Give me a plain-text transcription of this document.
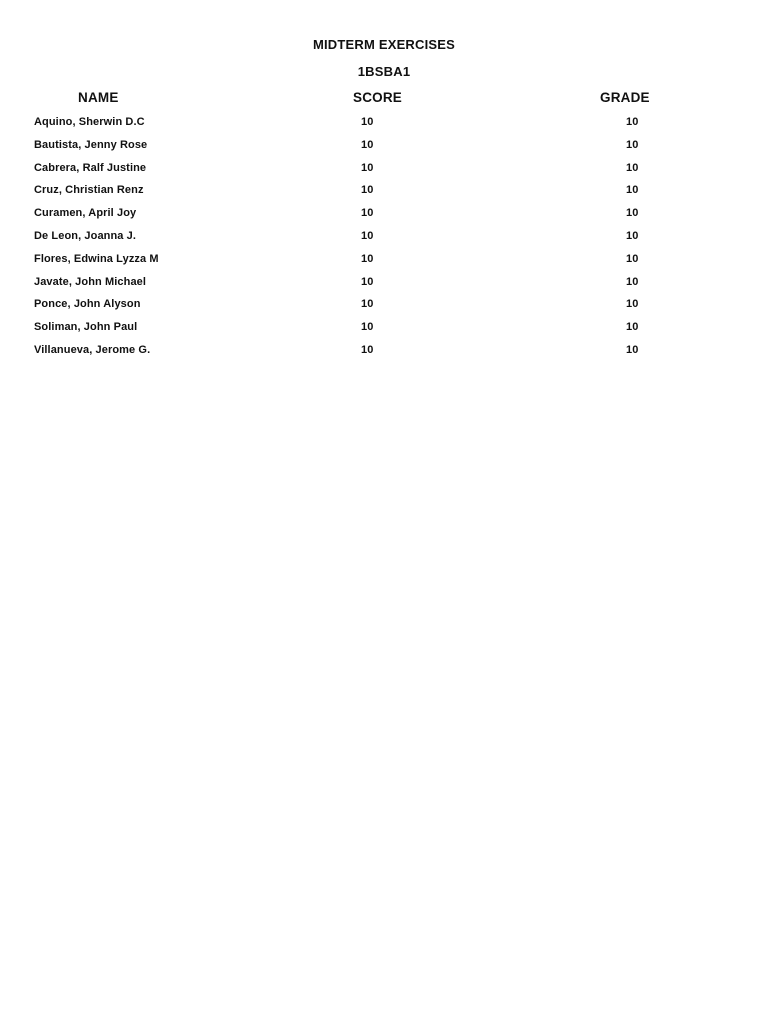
MIDTERM EXERCISES
1BSBA1
NAME	SCORE	GRADE
Aquino, Sherwin D.C	10	10
Bautista, Jenny Rose	10	10
Cabrera, Ralf Justine	10	10
Cruz, Christian Renz	10	10
Curamen, April Joy	10	10
De Leon, Joanna J.	10	10
Flores, Edwina Lyzza M	10	10
Javate, John Michael	10	10
Ponce, John Alyson	10	10
Soliman, John Paul	10	10
Villanueva, Jerome G.	10	10
